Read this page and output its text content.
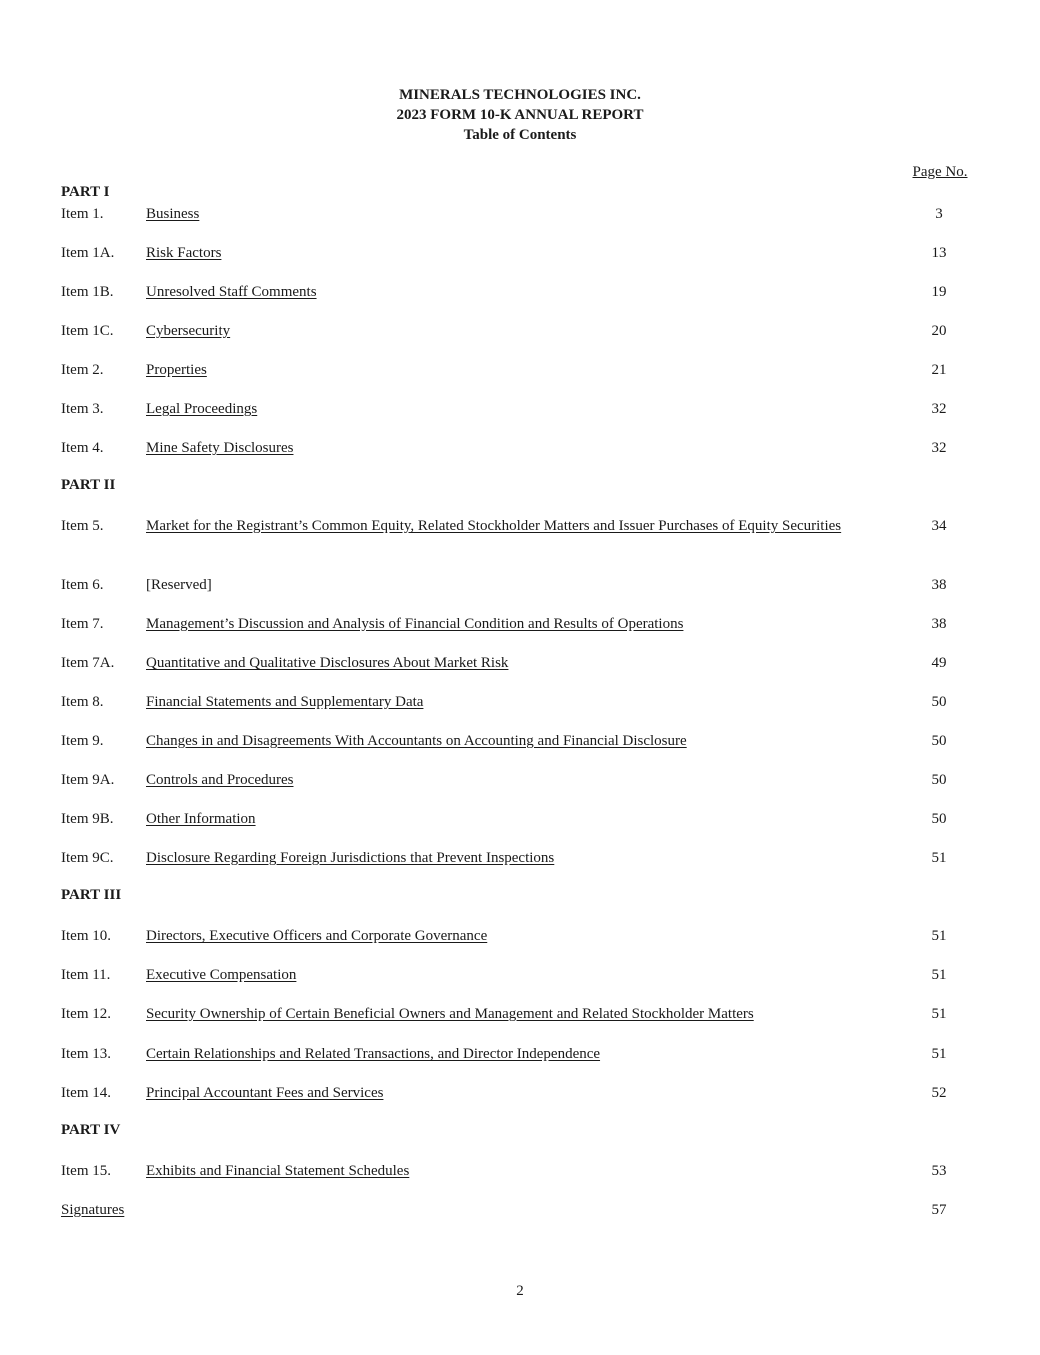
MINERALS TECHNOLOGIES INC.
2023 FORM 10-K ANNUAL REPORT
Table of Contents
Page No.
PART I
Item 1.	Business	3
Item 1A. Risk Factors	13
Item 1B. Unresolved Staff Comments	19
Item 1C. Cybersecurity	20
Item 2.	Properties	21
Item 3.	Legal Proceedings	32
Item 4.	Mine Safety Disclosures	32
PART II
Item 5.	Market for the Registrant’s Common Equity, Related Stockholder Matters and Issuer Purchases of Equity Securities	34
Item 6.	[Reserved]	38
Item 7.	Management’s Discussion and Analysis of Financial Condition and Results of Operations	38
Item 7A. Quantitative and Qualitative Disclosures About Market Risk	49
Item 8.	Financial Statements and Supplementary Data	50
Item 9.	Changes in and Disagreements With Accountants on Accounting and Financial Disclosure	50
Item 9A. Controls and Procedures	50
Item 9B. Other Information	50
Item 9C. Disclosure Regarding Foreign Jurisdictions that Prevent Inspections	51
PART III
Item 10. Directors, Executive Officers and Corporate Governance	51
Item 11. Executive Compensation	51
Item 12. Security Ownership of Certain Beneficial Owners and Management and Related Stockholder Matters	51
Item 13. Certain Relationships and Related Transactions, and Director Independence	51
Item 14. Principal Accountant Fees and Services	52
PART IV
Item 15. Exhibits and Financial Statement Schedules	53
Signatures	57
2
